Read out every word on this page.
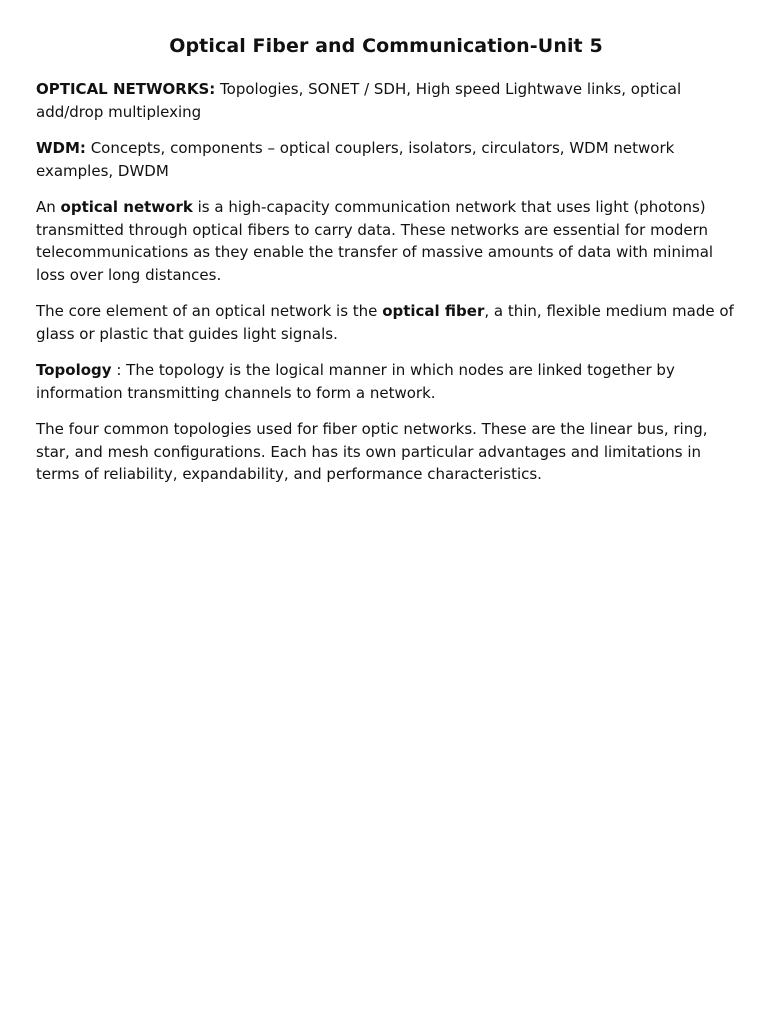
Optical Fiber and Communication-Unit 5

OPTICAL NETWORKS: Topologies, SONET / SDH, High speed Lightwave links, optical add/drop multiplexing

WDM: Concepts, components – optical couplers, isolators, circulators, WDM network examples, DWDM

An optical network is a high-capacity communication network that uses light (photons) transmitted through optical fibers to carry data. These networks are essential for modern telecommunications as they enable the transfer of massive amounts of data with minimal loss over long distances.

The core element of an optical network is the optical fiber, a thin, flexible medium made of glass or plastic that guides light signals.

Topology : The topology is the logical manner in which nodes are linked together by information transmitting channels to form a network.

The four common topologies used for fiber optic networks. These are the linear bus, ring, star, and mesh configurations. Each has its own particular advantages and limitations in terms of reliability, expandability, and performance characteristics.
